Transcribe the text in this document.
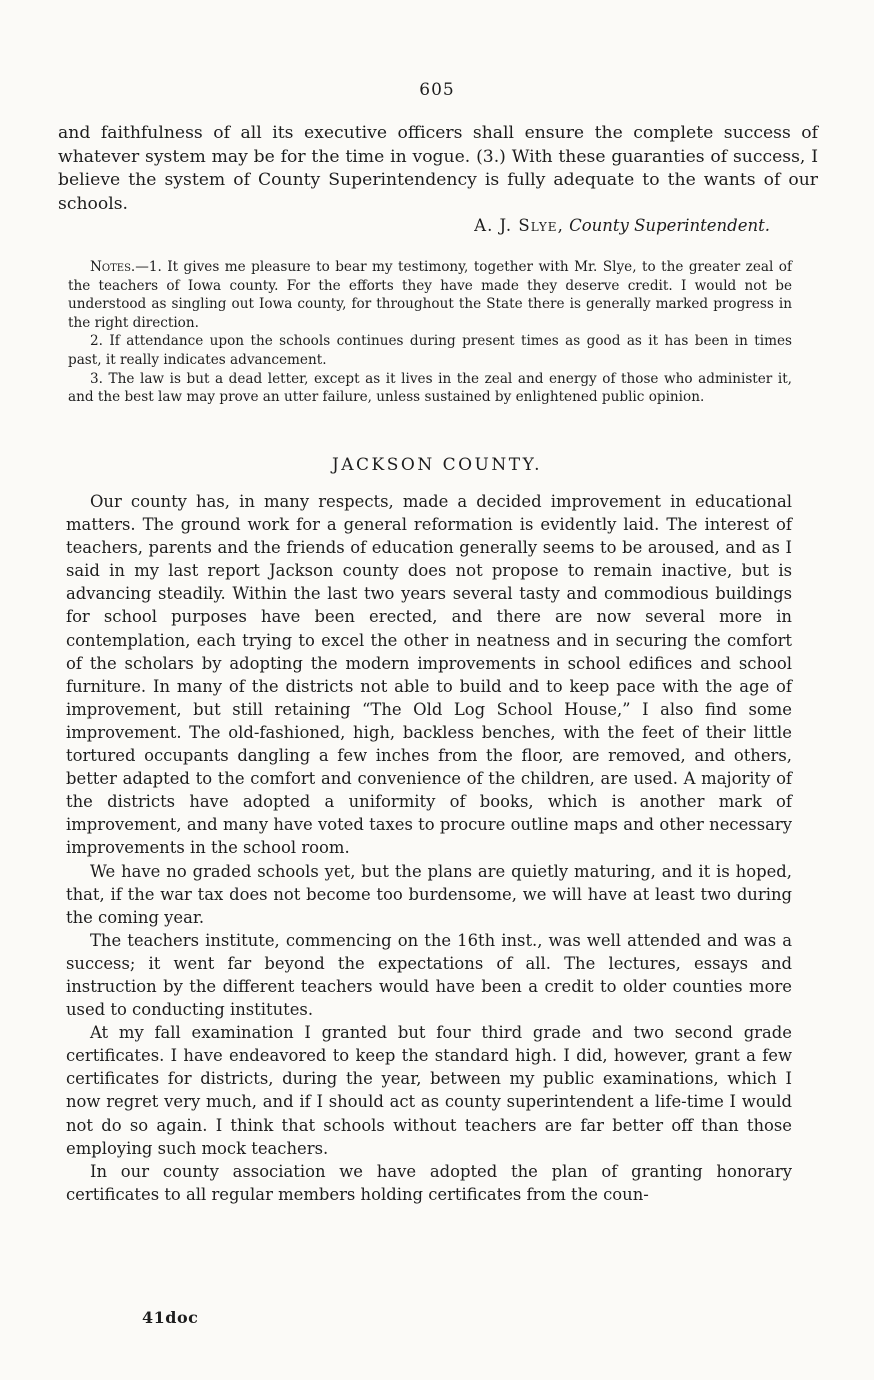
605

and faithfulness of all its executive officers shall ensure the complete success of whatever system may be for the time in vogue. (3.) With these guaranties of success, I believe the system of County Superintendency is fully adequate to the wants of our schools.

A. J. Slye, County Superintendent.

Notes.—1. It gives me pleasure to bear my testimony, together with Mr. Slye, to the greater zeal of the teachers of Iowa county. For the efforts they have made they deserve credit. I would not be understood as singling out Iowa county, for throughout the State there is generally marked progress in the right direction.

2. If attendance upon the schools continues during present times as good as it has been in times past, it really indicates advancement.

3. The law is but a dead letter, except as it lives in the zeal and energy of those who administer it, and the best law may prove an utter failure, unless sustained by enlightened public opinion.

JACKSON COUNTY.

Our county has, in many respects, made a decided improvement in educational matters. The ground work for a general reformation is evidently laid. The interest of teachers, parents and the friends of education generally seems to be aroused, and as I said in my last report Jackson county does not propose to remain inactive, but is advancing steadily. Within the last two years several tasty and commodious buildings for school purposes have been erected, and there are now several more in contemplation, each trying to excel the other in neatness and in securing the comfort of the scholars by adopting the modern improvements in school edifices and school furniture. In many of the districts not able to build and to keep pace with the age of improvement, but still retaining “The Old Log School House,” I also find some improvement. The old-fashioned, high, backless benches, with the feet of their little tortured occupants dangling a few inches from the floor, are removed, and others, better adapted to the comfort and convenience of the children, are used. A majority of the districts have adopted a uniformity of books, which is another mark of improvement, and many have voted taxes to procure outline maps and other necessary improvements in the school room.

We have no graded schools yet, but the plans are quietly maturing, and it is hoped, that, if the war tax does not become too burdensome, we will have at least two during the coming year.

The teachers institute, commencing on the 16th inst., was well attended and was a success; it went far beyond the expectations of all. The lectures, essays and instruction by the different teachers would have been a credit to older counties more used to conducting institutes.

At my fall examination I granted but four third grade and two second grade certificates. I have endeavored to keep the standard high. I did, however, grant a few certificates for districts, during the year, between my public examinations, which I now regret very much, and if I should act as county superintendent a life-time I would not do so again. I think that schools without teachers are far better off than those employing such mock teachers.

In our county association we have adopted the plan of granting honorary certificates to all regular members holding certificates from the coun-

41doc
